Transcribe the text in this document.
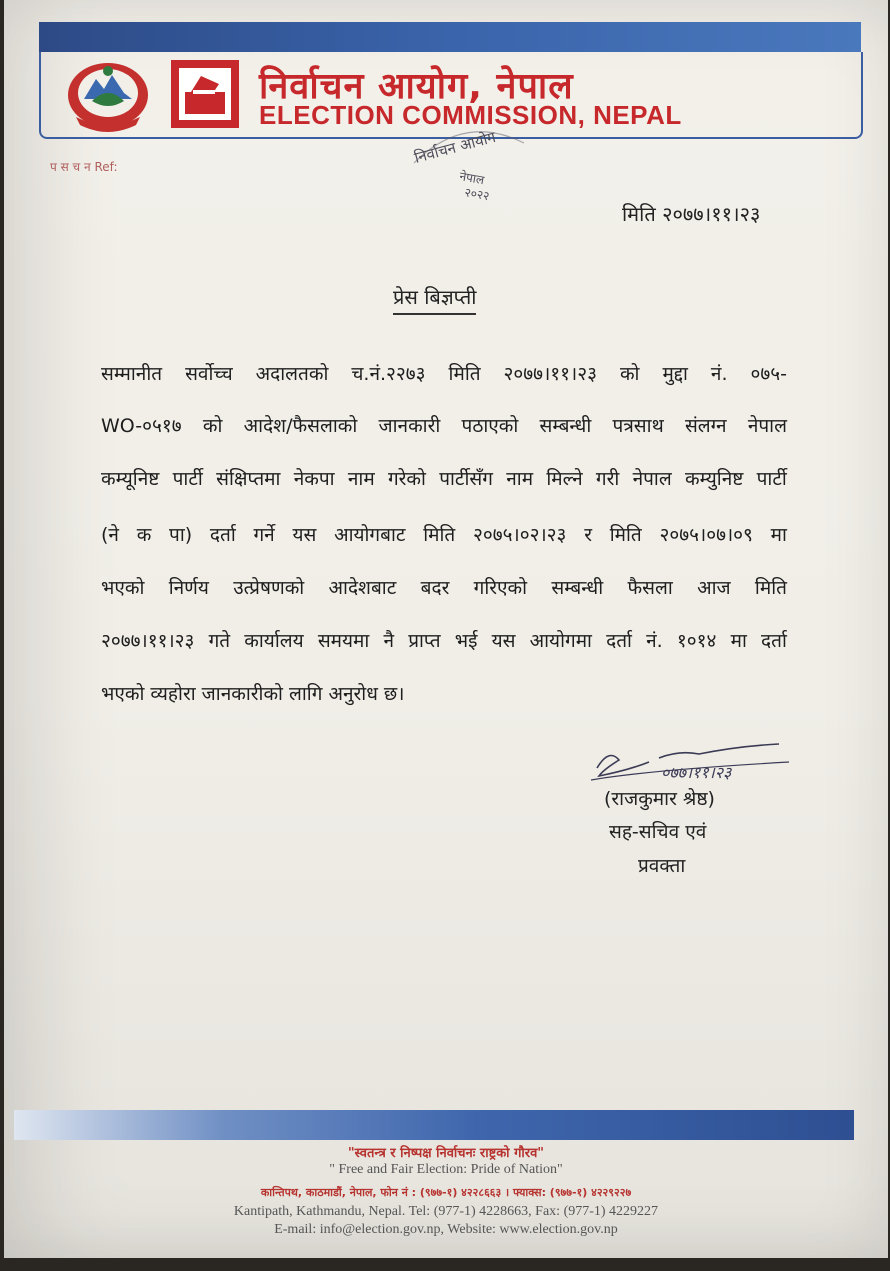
निर्वाचन आयोग, नेपाल
ELECTION COMMISSION, NEPAL
प स च न Ref:
निर्वाचन आयोग
नेपाल
२०२२
मिति २०७७।११।२३
प्रेस बिज्ञप्ती
सम्मानीत सर्वोच्च अदालतको च.नं.२२७३ मिति २०७७।११।२३ को मुद्दा नं. ०७५-
WO-०५१७ को आदेश/फैसलाको जानकारी पठाएको सम्बन्धी पत्रसाथ संलग्न नेपाल
कम्यूनिष्ट पार्टी संक्षिप्तमा नेकपा नाम गरेको पार्टीसँग नाम मिल्ने गरी नेपाल कम्युनिष्ट पार्टी
(ने क पा) दर्ता गर्ने यस आयोगबाट मिति २०७५।०२।२३ र मिति २०७५।०७।०९ मा
भएको निर्णय उत्प्रेषणको आदेशबाट बदर गरिएको सम्बन्धी फैसला आज मिति
२०७७।११।२३ गते कार्यालय समयमा नै प्राप्त भई यस आयोगमा दर्ता नं. १०१४ मा दर्ता
भएको व्यहोरा जानकारीको लागि अनुरोध छ।
०७७।११।२३
(राजकुमार श्रेष्ठ)
सह-सचिव एवं
प्रवक्ता
"स्वतन्त्र र निष्पक्ष निर्वाचनः राष्ट्रको गौरव"
" Free and Fair Election: Pride of Nation"
कान्तिपथ, काठमाडौं, नेपाल, फोन नं : (९७७-१) ४२२८६६३ । फ्याक्स: (९७७-१) ४२२९२२७
Kantipath, Kathmandu, Nepal. Tel: (977-1) 4228663, Fax: (977-1) 4229227
E-mail: info@election.gov.np, Website: www.election.gov.np
